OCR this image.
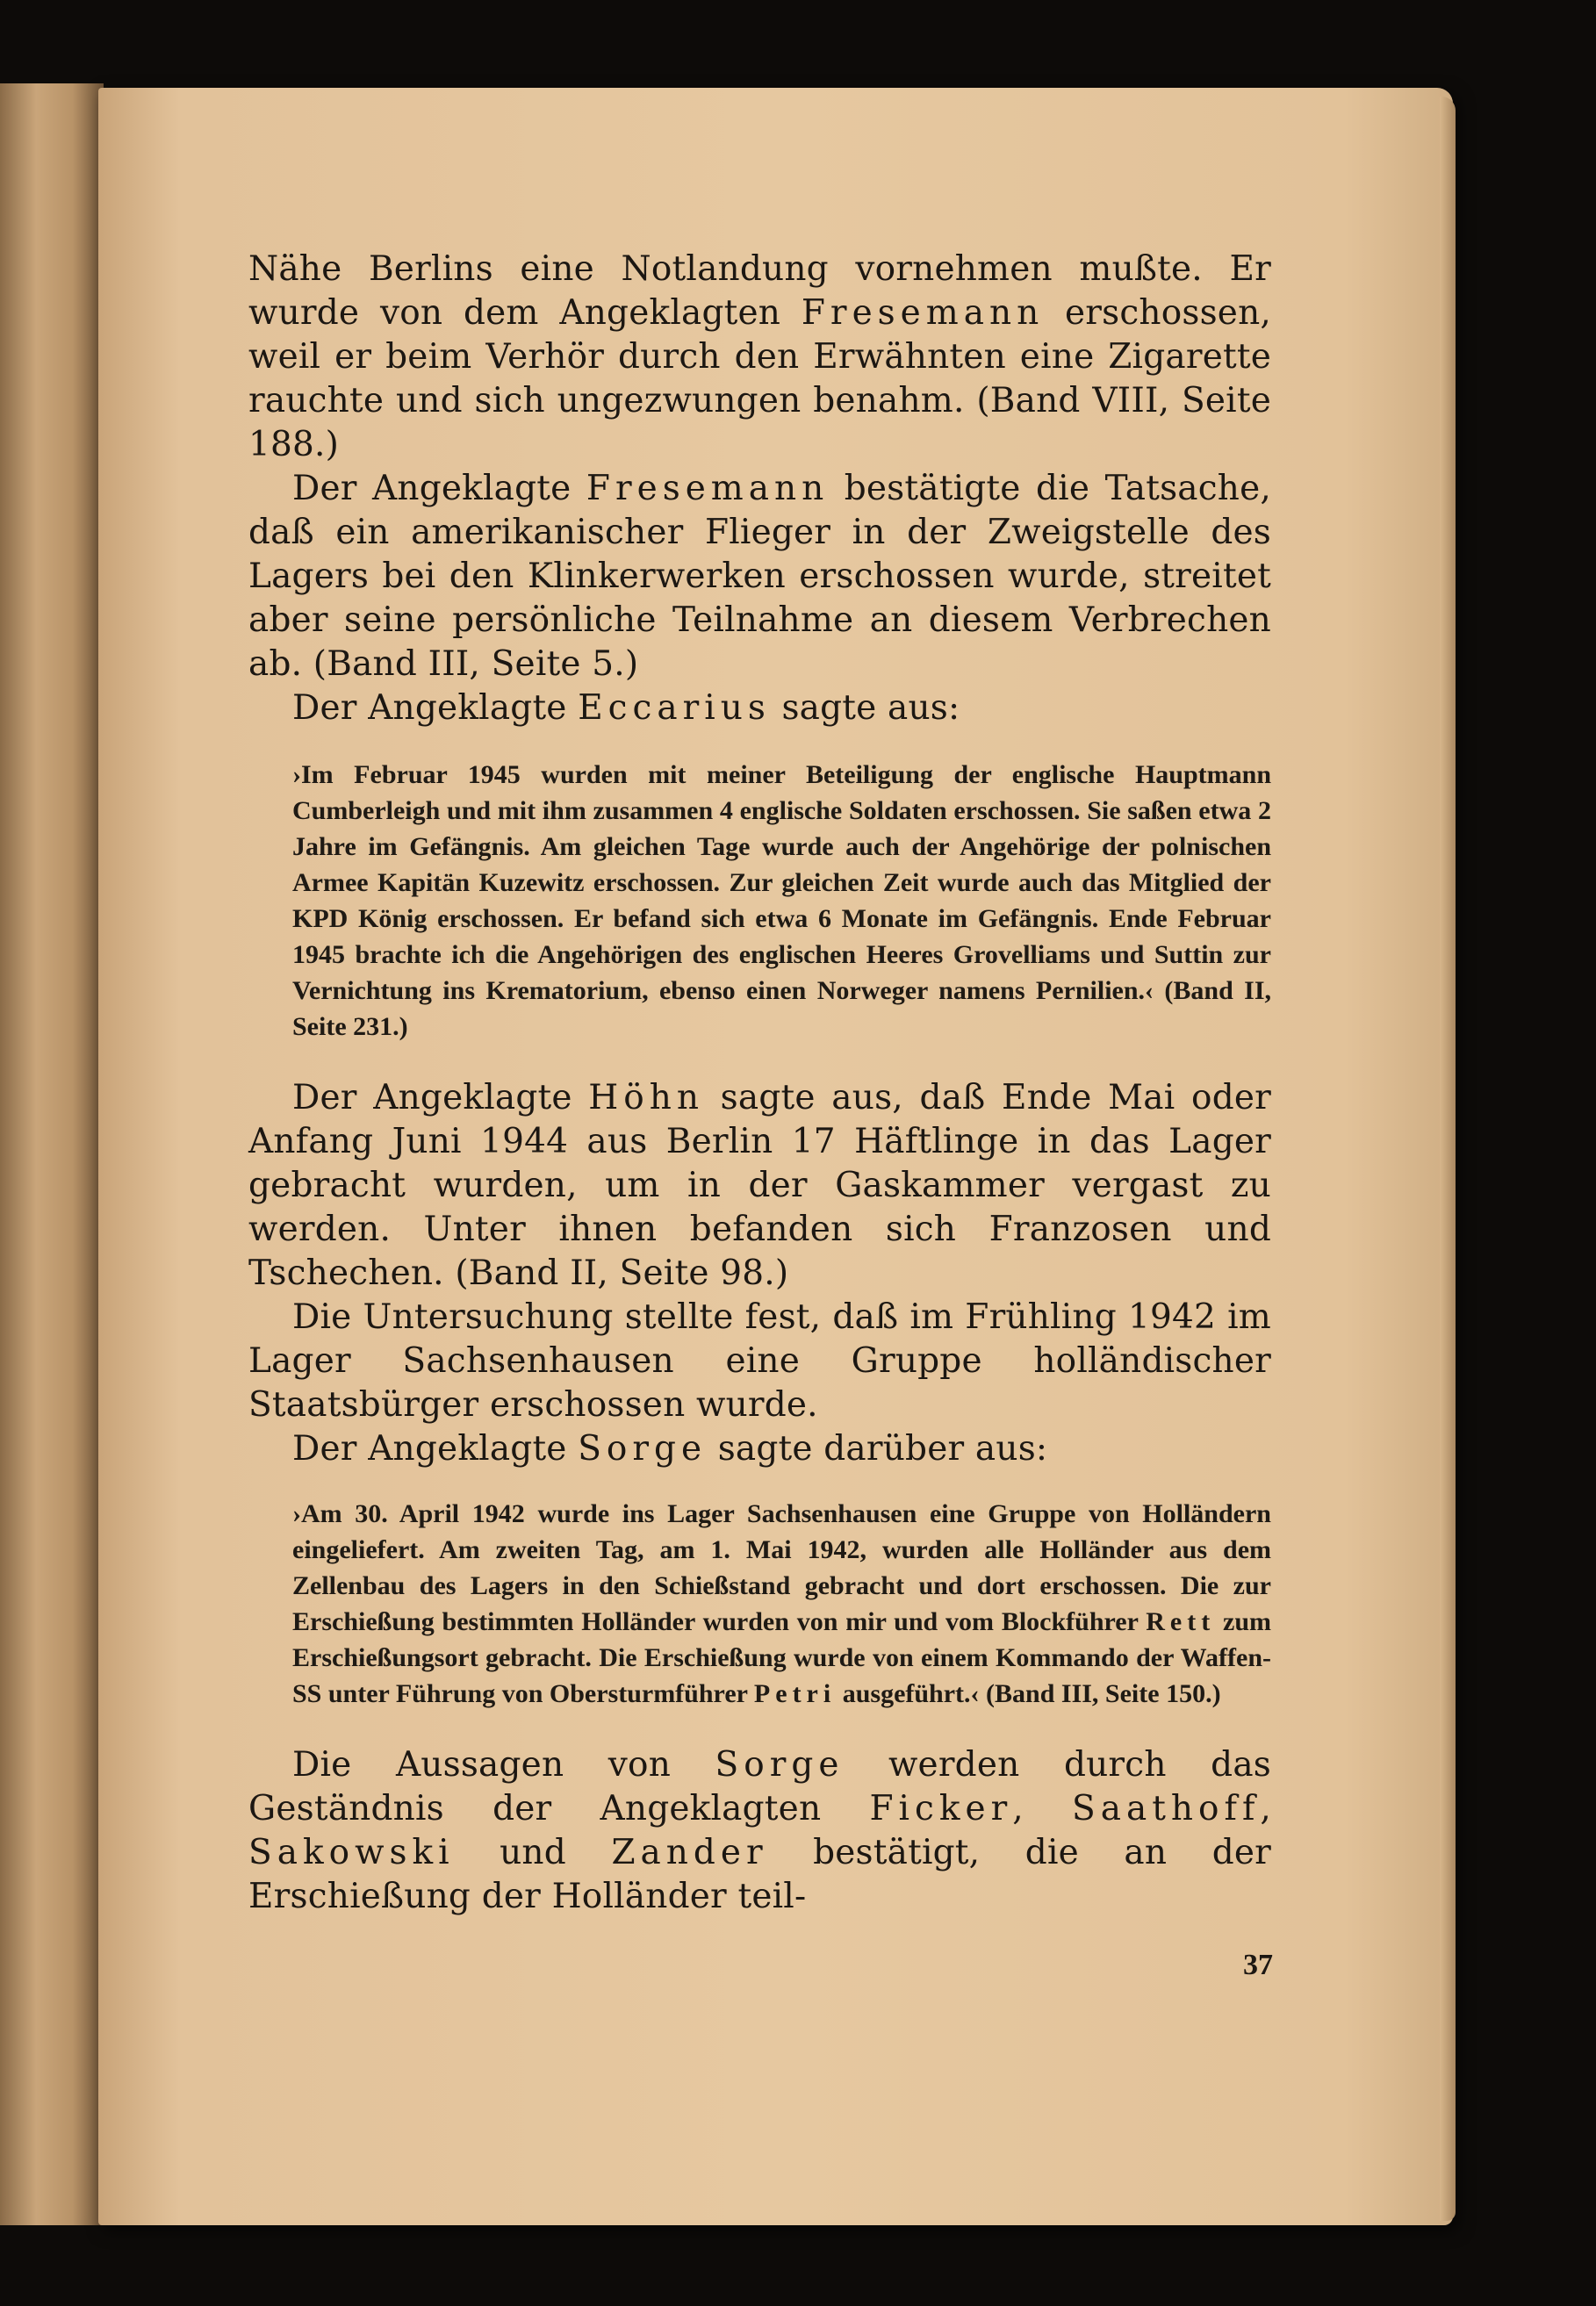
Nähe Berlins eine Notlandung vornehmen mußte. Er wurde von dem Angeklagten Fresemann erschossen, weil er beim Verhör durch den Erwähnten eine Zigarette rauchte und sich ungezwungen benahm. (Band VIII, Seite 188.)

Der Angeklagte Fresemann bestätigte die Tatsache, daß ein amerikanischer Flieger in der Zweigstelle des Lagers bei den Klinkerwerken erschossen wurde, streitet aber seine persönliche Teilnahme an diesem Verbrechen ab. (Band III, Seite 5.)

Der Angeklagte Eccarius sagte aus:

›Im Februar 1945 wurden mit meiner Beteiligung der englische Hauptmann Cumberleigh und mit ihm zusammen 4 englische Soldaten erschossen. Sie saßen etwa 2 Jahre im Gefängnis. Am gleichen Tage wurde auch der Angehörige der polnischen Armee Kapitän Kuzewitz erschossen. Zur gleichen Zeit wurde auch das Mitglied der KPD König erschossen. Er befand sich etwa 6 Monate im Gefängnis. Ende Februar 1945 brachte ich die Angehörigen des englischen Heeres Grovelliams und Suttin zur Vernichtung ins Krematorium, ebenso einen Norweger namens Pernilien.‹ (Band II, Seite 231.)

Der Angeklagte Höhn sagte aus, daß Ende Mai oder Anfang Juni 1944 aus Berlin 17 Häftlinge in das Lager gebracht wurden, um in der Gaskammer vergast zu werden. Unter ihnen befanden sich Franzosen und Tschechen. (Band II, Seite 98.)

Die Untersuchung stellte fest, daß im Frühling 1942 im Lager Sachsenhausen eine Gruppe holländischer Staatsbürger erschossen wurde.

Der Angeklagte Sorge sagte darüber aus:

›Am 30. April 1942 wurde ins Lager Sachsenhausen eine Gruppe von Holländern eingeliefert. Am zweiten Tag, am 1. Mai 1942, wurden alle Holländer aus dem Zellenbau des Lagers in den Schießstand gebracht und dort erschossen. Die zur Erschießung bestimmten Holländer wurden von mir und vom Blockführer Rett zum Erschießungsort gebracht. Die Erschießung wurde von einem Kommando der Waffen-SS unter Führung von Obersturmführer Petri ausgeführt.‹ (Band III, Seite 150.)

Die Aussagen von Sorge werden durch das Geständnis der Angeklagten Ficker, Saathoff, Sakowski und Zander bestätigt, die an der Erschießung der Holländer teil-

37
